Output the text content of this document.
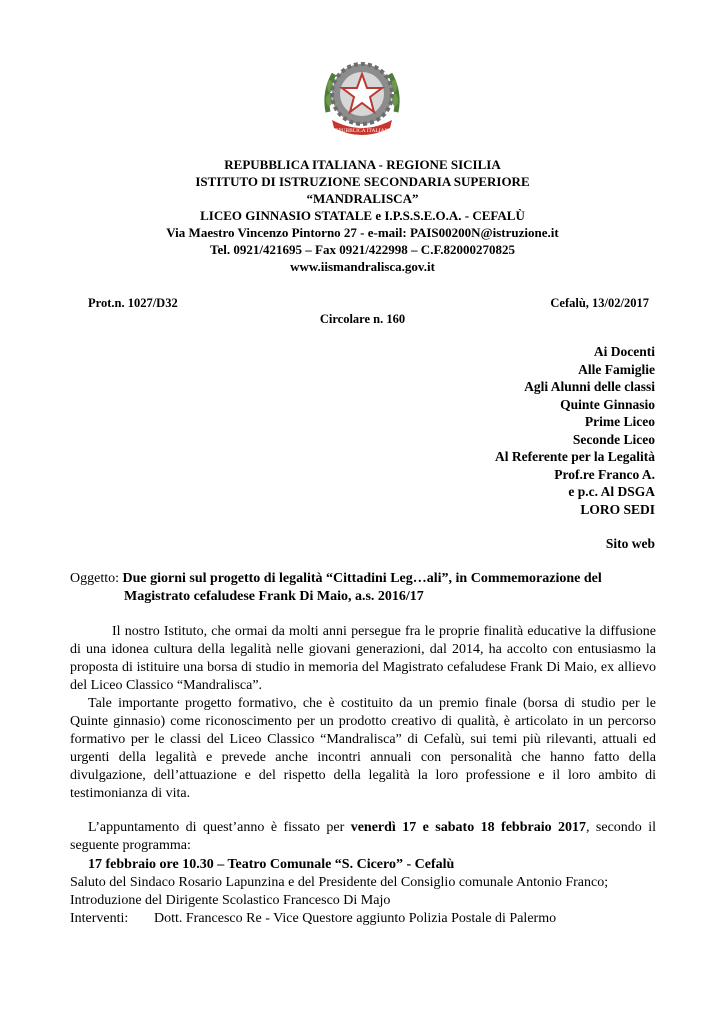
REPUBBLICA ITALIANA
REPUBBLICA ITALIANA - REGIONE SICILIA
ISTITUTO DI ISTRUZIONE SECONDARIA SUPERIORE
“MANDRALISCA”
LICEO GINNASIO STATALE e I.P.S.S.E.O.A. - CEFALÙ
Via Maestro Vincenzo Pintorno 27 - e-mail: PAIS00200N@istruzione.it
Tel. 0921/421695 – Fax 0921/422998 – C.F.82000270825
www.iismandralisca.gov.it
Prot.n. 1027/D32	Cefalù, 13/02/2017
Circolare n. 160
Ai Docenti
Alle Famiglie
Agli Alunni delle classi
Quinte Ginnasio
Prime Liceo
Seconde Liceo
Al Referente per la Legalità
Prof.re Franco A.
e p.c. Al DSGA
LORO SEDI
Sito web
Oggetto: Due giorni sul progetto di legalità “Cittadini Leg…ali”, in Commemorazione del
Magistrato cefaludese Frank Di Maio, a.s. 2016/17

Il nostro Istituto, che ormai da molti anni persegue fra le proprie finalità educative la diffusione di una idonea cultura della legalità nelle giovani generazioni, dal 2014, ha accolto con entusiasmo la proposta di istituire una borsa di studio in memoria del Magistrato cefaludese Frank Di Maio, ex allievo del Liceo Classico “Mandralisca”.

Tale importante progetto formativo, che è costituito da un premio finale (borsa di studio per le Quinte ginnasio) come riconoscimento per un prodotto creativo di qualità, è articolato in un percorso formativo per le classi del Liceo Classico “Mandralisca” di Cefalù, sui temi più rilevanti, attuali ed urgenti della legalità e prevede anche incontri annuali con personalità che hanno fatto della divulgazione, dell’attuazione e del rispetto della legalità la loro professione e il loro ambito di testimonianza di vita.

L’appuntamento di quest’anno è fissato per venerdì 17 e sabato 18 febbraio 2017, secondo il seguente programma:

17 febbraio ore 10.30 – Teatro Comunale “S. Cicero” - Cefalù
Saluto del Sindaco Rosario Lapunzina e del Presidente del Consiglio comunale Antonio Franco;
Introduzione del Dirigente Scolastico Francesco Di Majo
Interventi: Dott. Francesco Re - Vice Questore aggiunto Polizia Postale di Palermo
